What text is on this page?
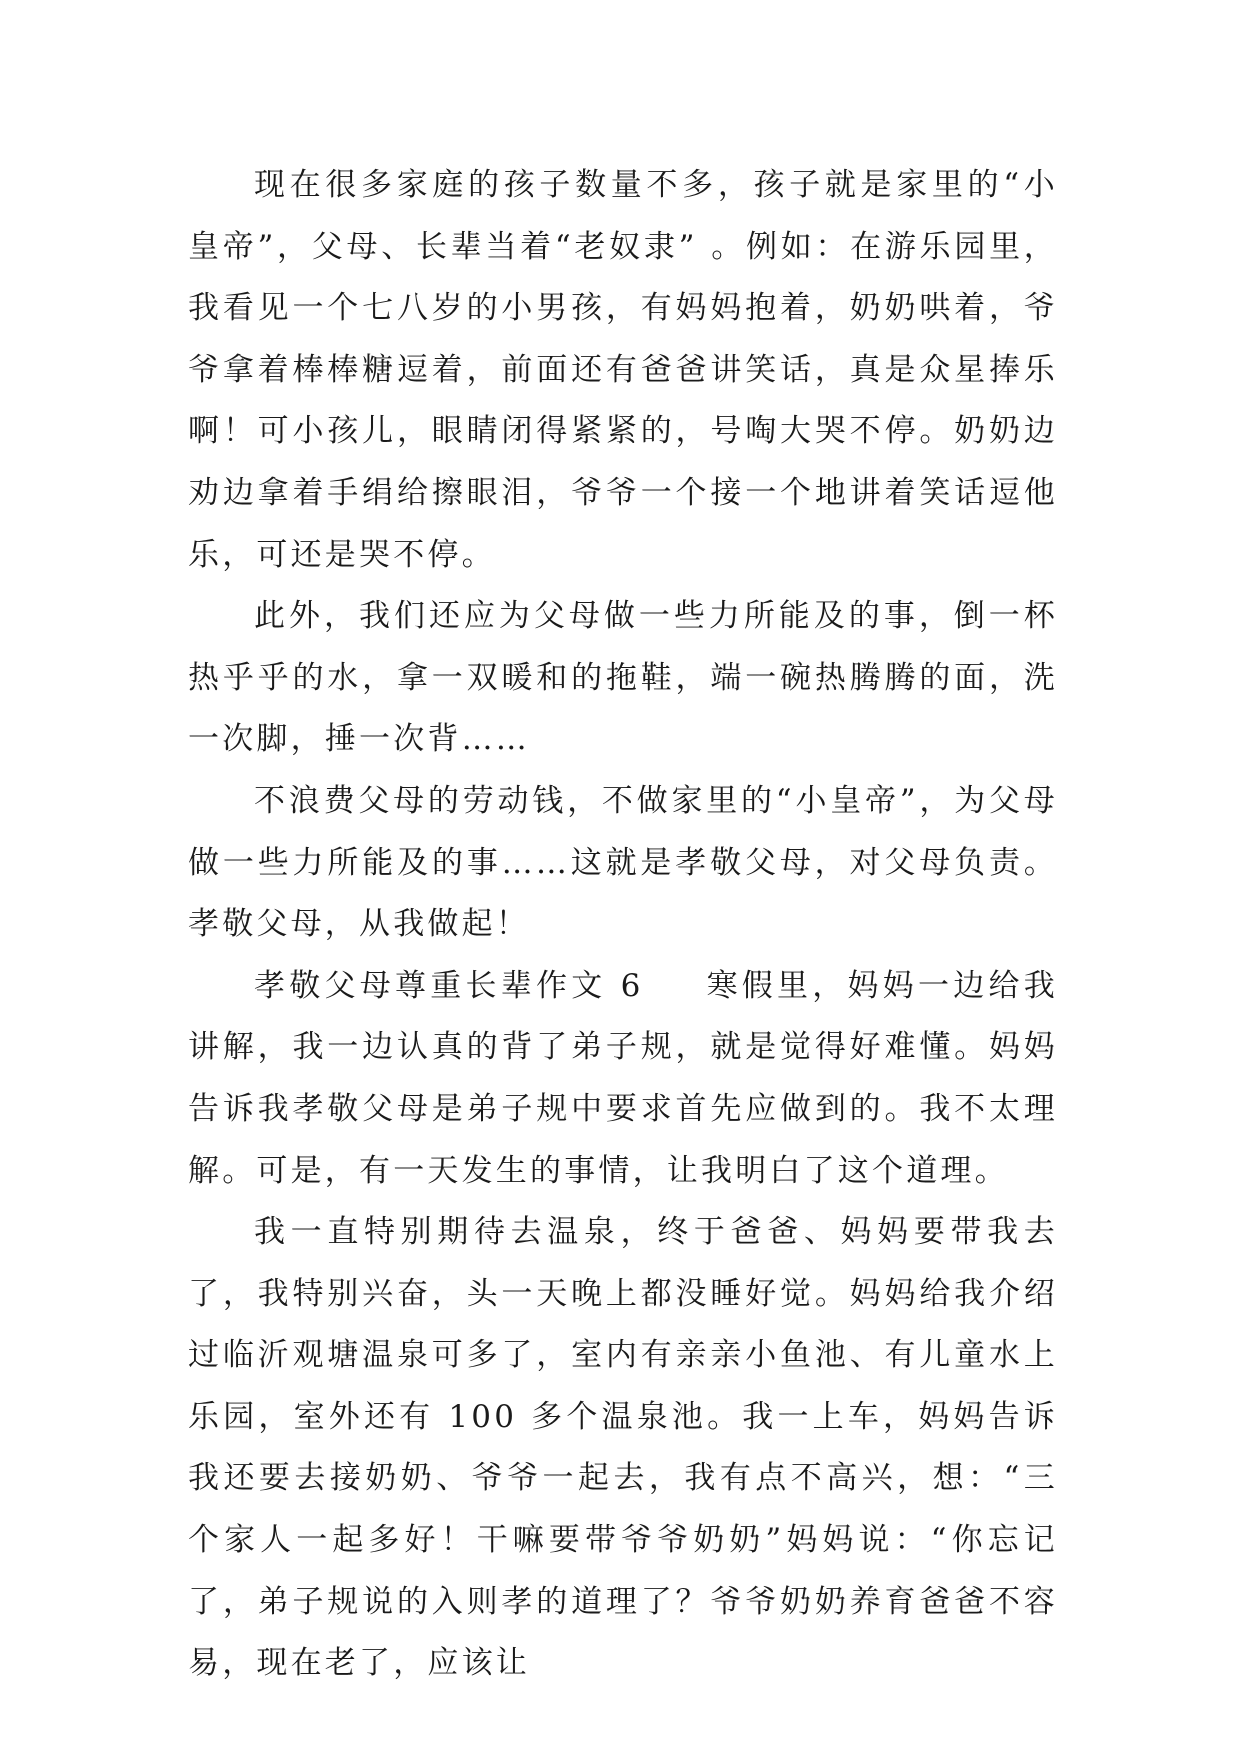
现在很多家庭的孩子数量不多，孩子就是家里的“小皇帝”，父母、长辈当着“老奴隶” 。例如：在游乐园里，我看见一个七八岁的小男孩，有妈妈抱着，奶奶哄着，爷爷拿着棒棒糖逗着，前面还有爸爸讲笑话，真是众星捧乐啊！可小孩儿，眼睛闭得紧紧的，号啕大哭不停。奶奶边劝边拿着手绢给擦眼泪，爷爷一个接一个地讲着笑话逗他乐，可还是哭不停。

此外，我们还应为父母做一些力所能及的事，倒一杯热乎乎的水，拿一双暖和的拖鞋，端一碗热腾腾的面，洗一次脚，捶一次背……

不浪费父母的劳动钱，不做家里的“小皇帝”，为父母做一些力所能及的事……这就是孝敬父母，对父母负责。孝敬父母，从我做起！

孝敬父母尊重长辈作文 6 寒假里，妈妈一边给我讲解，我一边认真的背了弟子规，就是觉得好难懂。妈妈告诉我孝敬父母是弟子规中要求首先应做到的。我不太理解。可是，有一天发生的事情，让我明白了这个道理。

我一直特别期待去温泉，终于爸爸、妈妈要带我去了，我特别兴奋，头一天晚上都没睡好觉。妈妈给我介绍过临沂观塘温泉可多了，室内有亲亲小鱼池、有儿童水上乐园，室外还有 100 多个温泉池。我一上车，妈妈告诉我还要去接奶奶、爷爷一起去，我有点不高兴，想：“三个家人一起多好！干嘛要带爷爷奶奶”妈妈说：“你忘记了，弟子规说的入则孝的道理了？爷爷奶奶养育爸爸不容易，现在老了，应该让
